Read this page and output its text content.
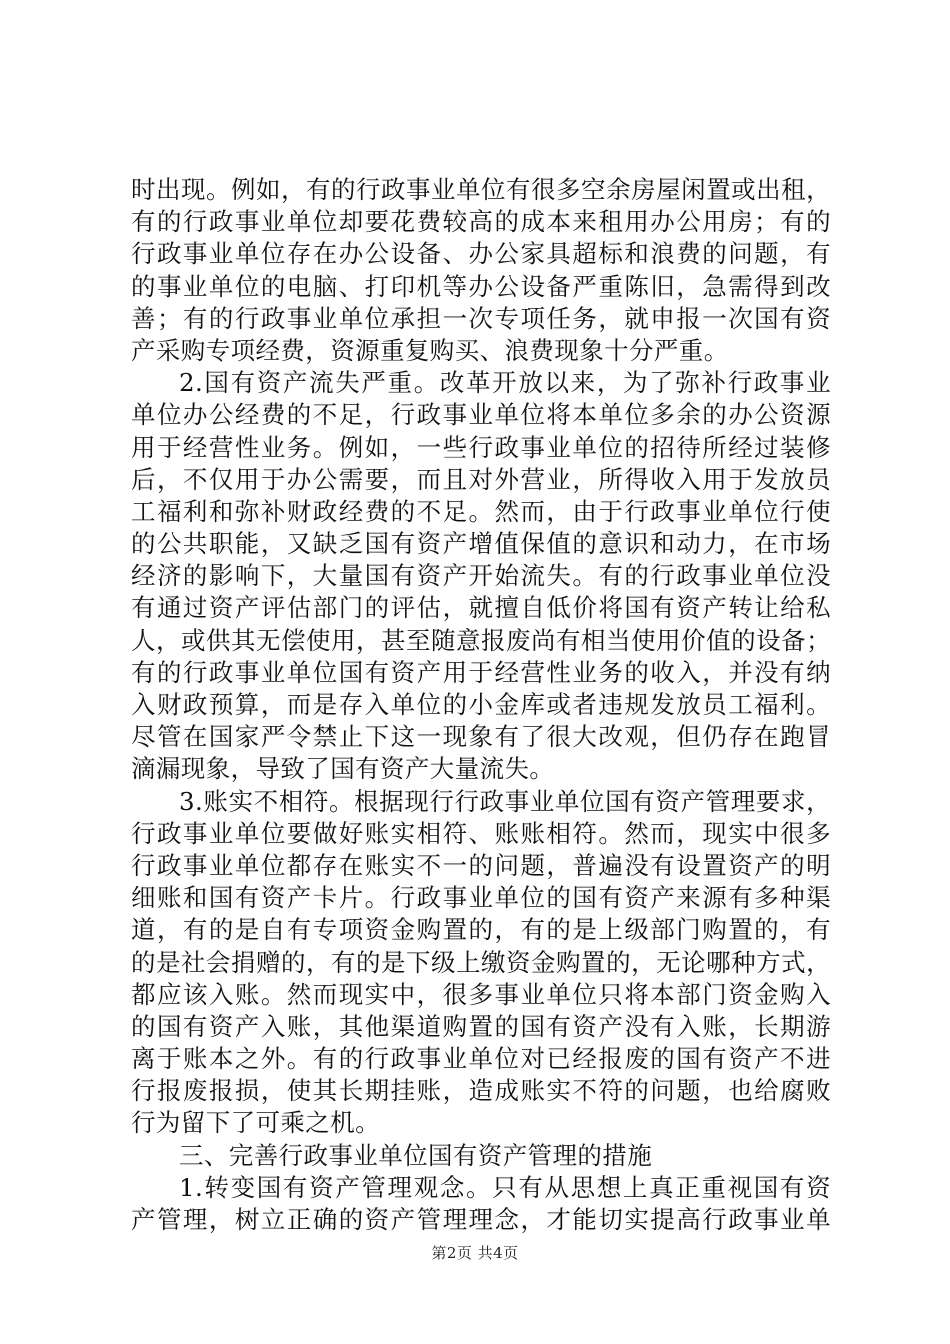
时出现。例如，有的行政事业单位有很多空余房屋闲置或出租，
有的行政事业单位却要花费较高的成本来租用办公用房；有的
行政事业单位存在办公设备、办公家具超标和浪费的问题，有
的事业单位的电脑、打印机等办公设备严重陈旧，急需得到改
善；有的行政事业单位承担一次专项任务，就申报一次国有资
产采购专项经费，资源重复购买、浪费现象十分严重。
2.国有资产流失严重。改革开放以来，为了弥补行政事业
单位办公经费的不足，行政事业单位将本单位多余的办公资源
用于经营性业务。例如，一些行政事业单位的招待所经过装修
后，不仅用于办公需要，而且对外营业，所得收入用于发放员
工福利和弥补财政经费的不足。然而，由于行政事业单位行使
的公共职能，又缺乏国有资产增值保值的意识和动力，在市场
经济的影响下，大量国有资产开始流失。有的行政事业单位没
有通过资产评估部门的评估，就擅自低价将国有资产转让给私
人，或供其无偿使用，甚至随意报废尚有相当使用价值的设备；
有的行政事业单位国有资产用于经营性业务的收入，并没有纳
入财政预算，而是存入单位的小金库或者违规发放员工福利。
尽管在国家严令禁止下这一现象有了很大改观，但仍存在跑冒
滴漏现象，导致了国有资产大量流失。
3.账实不相符。根据现行行政事业单位国有资产管理要求，
行政事业单位要做好账实相符、账账相符。然而，现实中很多
行政事业单位都存在账实不一的问题，普遍没有设置资产的明
细账和国有资产卡片。行政事业单位的国有资产来源有多种渠
道，有的是自有专项资金购置的，有的是上级部门购置的，有
的是社会捐赠的，有的是下级上缴资金购置的，无论哪种方式，
都应该入账。然而现实中，很多事业单位只将本部门资金购入
的国有资产入账，其他渠道购置的国有资产没有入账，长期游
离于账本之外。有的行政事业单位对已经报废的国有资产不进
行报废报损，使其长期挂账，造成账实不符的问题，也给腐败
行为留下了可乘之机。
三、完善行政事业单位国有资产管理的措施
1.转变国有资产管理观念。只有从思想上真正重视国有资
产管理，树立正确的资产管理理念，才能切实提高行政事业单
第2页 共4页
